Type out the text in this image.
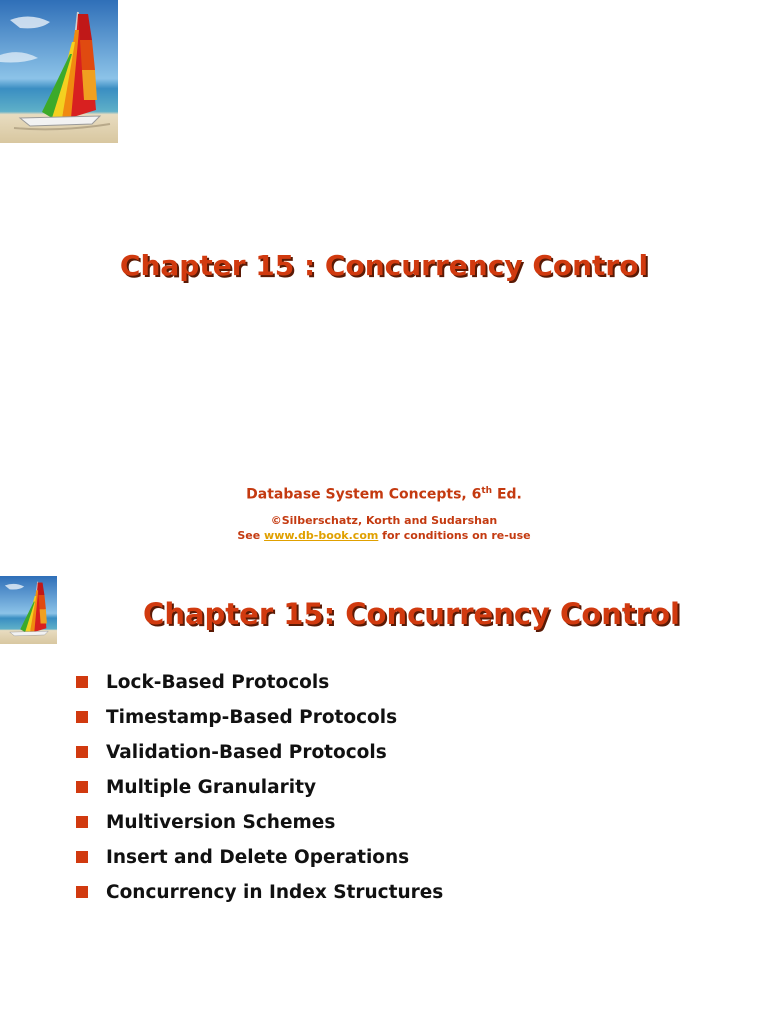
Chapter 15 : Concurrency Control
Database System Concepts, 6th Ed.
©Silberschatz, Korth and Sudarshan
See www.db-book.com for conditions on re-use
Chapter 15: Concurrency Control
Lock-Based Protocols
Timestamp-Based Protocols
Validation-Based Protocols
Multiple Granularity
Multiversion Schemes
Insert and Delete Operations
Concurrency in Index Structures
